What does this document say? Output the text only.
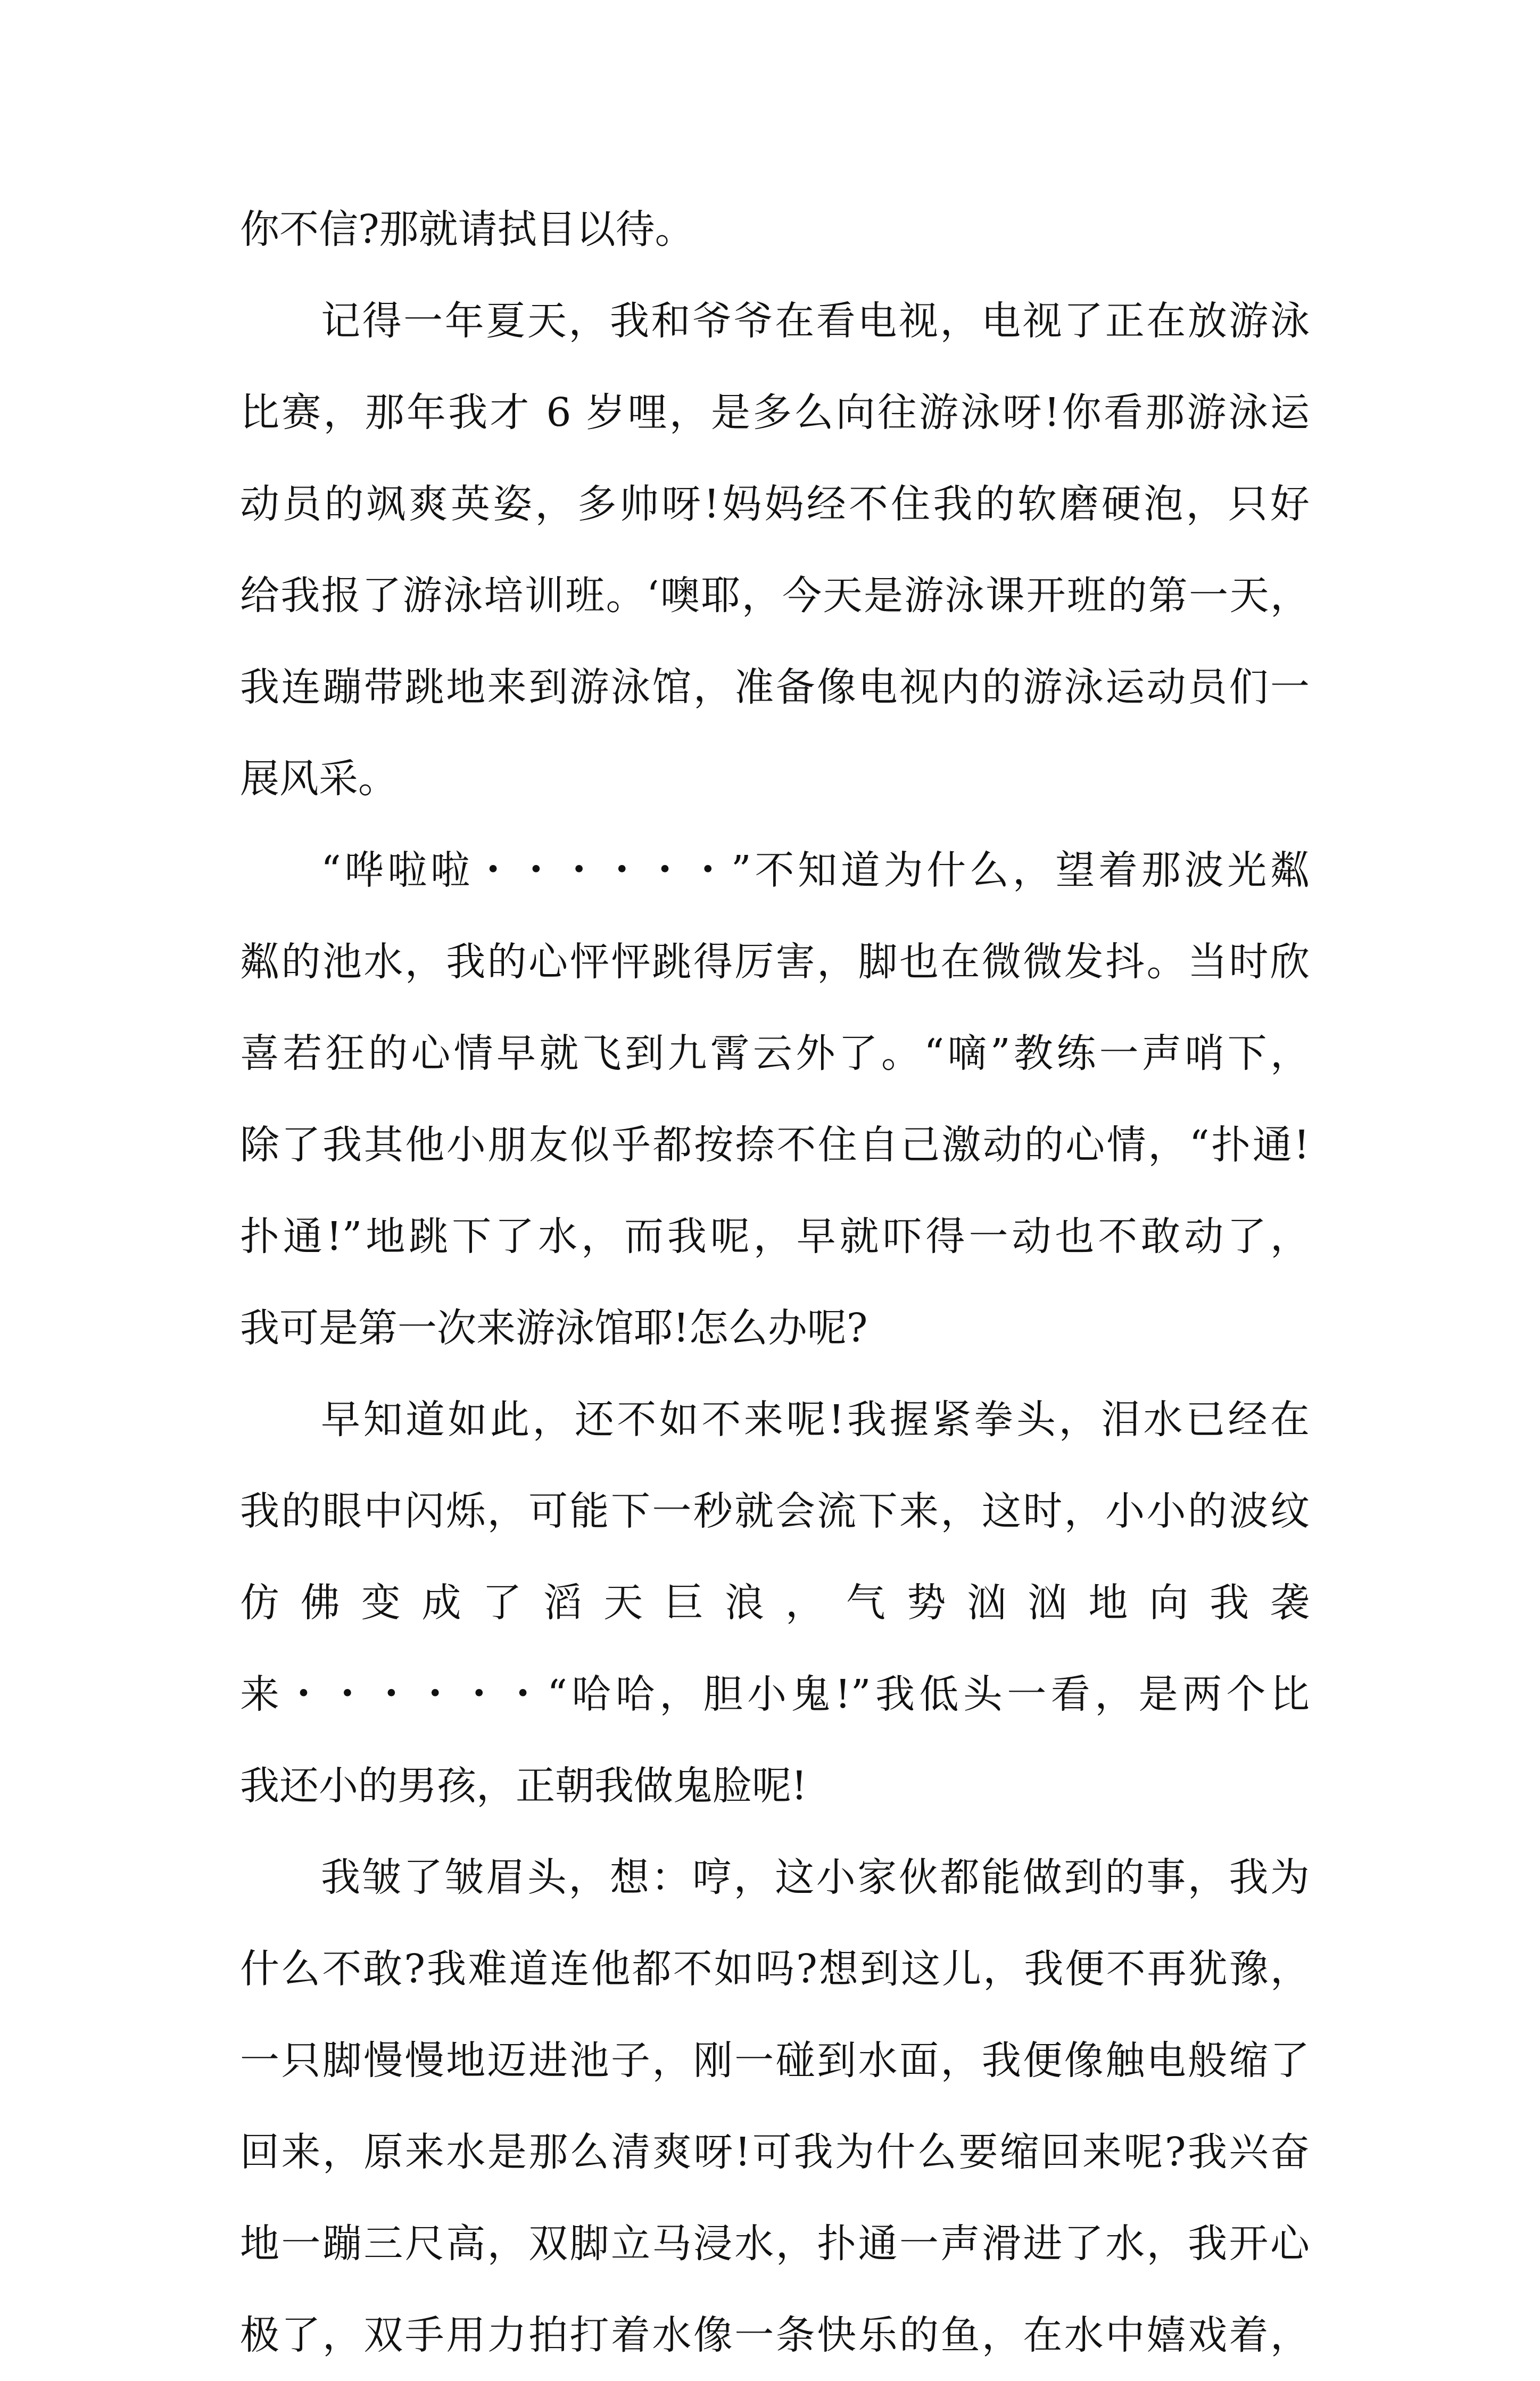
你不信?那就请拭目以待。
记得一年夏天，我和爷爷在看电视，电视了正在放游泳
比赛，那年我才 6 岁哩，是多么向往游泳呀!你看那游泳运
动员的飒爽英姿，多帅呀!妈妈经不住我的软磨硬泡，只好
给我报了游泳培训班。‘噢耶，今天是游泳课开班的第一天，
我连蹦带跳地来到游泳馆，准备像电视内的游泳运动员们一
展风采。
“哗啦啦・・・・・・”不知道为什么，望着那波光粼
粼的池水，我的心怦怦跳得厉害，脚也在微微发抖。当时欣
喜若狂的心情早就飞到九霄云外了。“嘀”教练一声哨下，
除了我其他小朋友似乎都按捺不住自己激动的心情，“扑通!
扑通!”地跳下了水，而我呢，早就吓得一动也不敢动了，
我可是第一次来游泳馆耶!怎么办呢?
早知道如此，还不如不来呢!我握紧拳头，泪水已经在
我的眼中闪烁，可能下一秒就会流下来，这时，小小的波纹
仿 佛 变 成 了 滔 天 巨 浪 ， 气 势 汹 汹 地 向 我 袭
来・・・・・・“哈哈，胆小鬼!”我低头一看，是两个比
我还小的男孩，正朝我做鬼脸呢!
我皱了皱眉头，想：哼，这小家伙都能做到的事，我为
什么不敢?我难道连他都不如吗?想到这儿，我便不再犹豫，
一只脚慢慢地迈进池子，刚一碰到水面，我便像触电般缩了
回来，原来水是那么清爽呀!可我为什么要缩回来呢?我兴奋
地一蹦三尺高，双脚立马浸水，扑通一声滑进了水，我开心
极了，双手用力拍打着水像一条快乐的鱼，在水中嬉戏着，
